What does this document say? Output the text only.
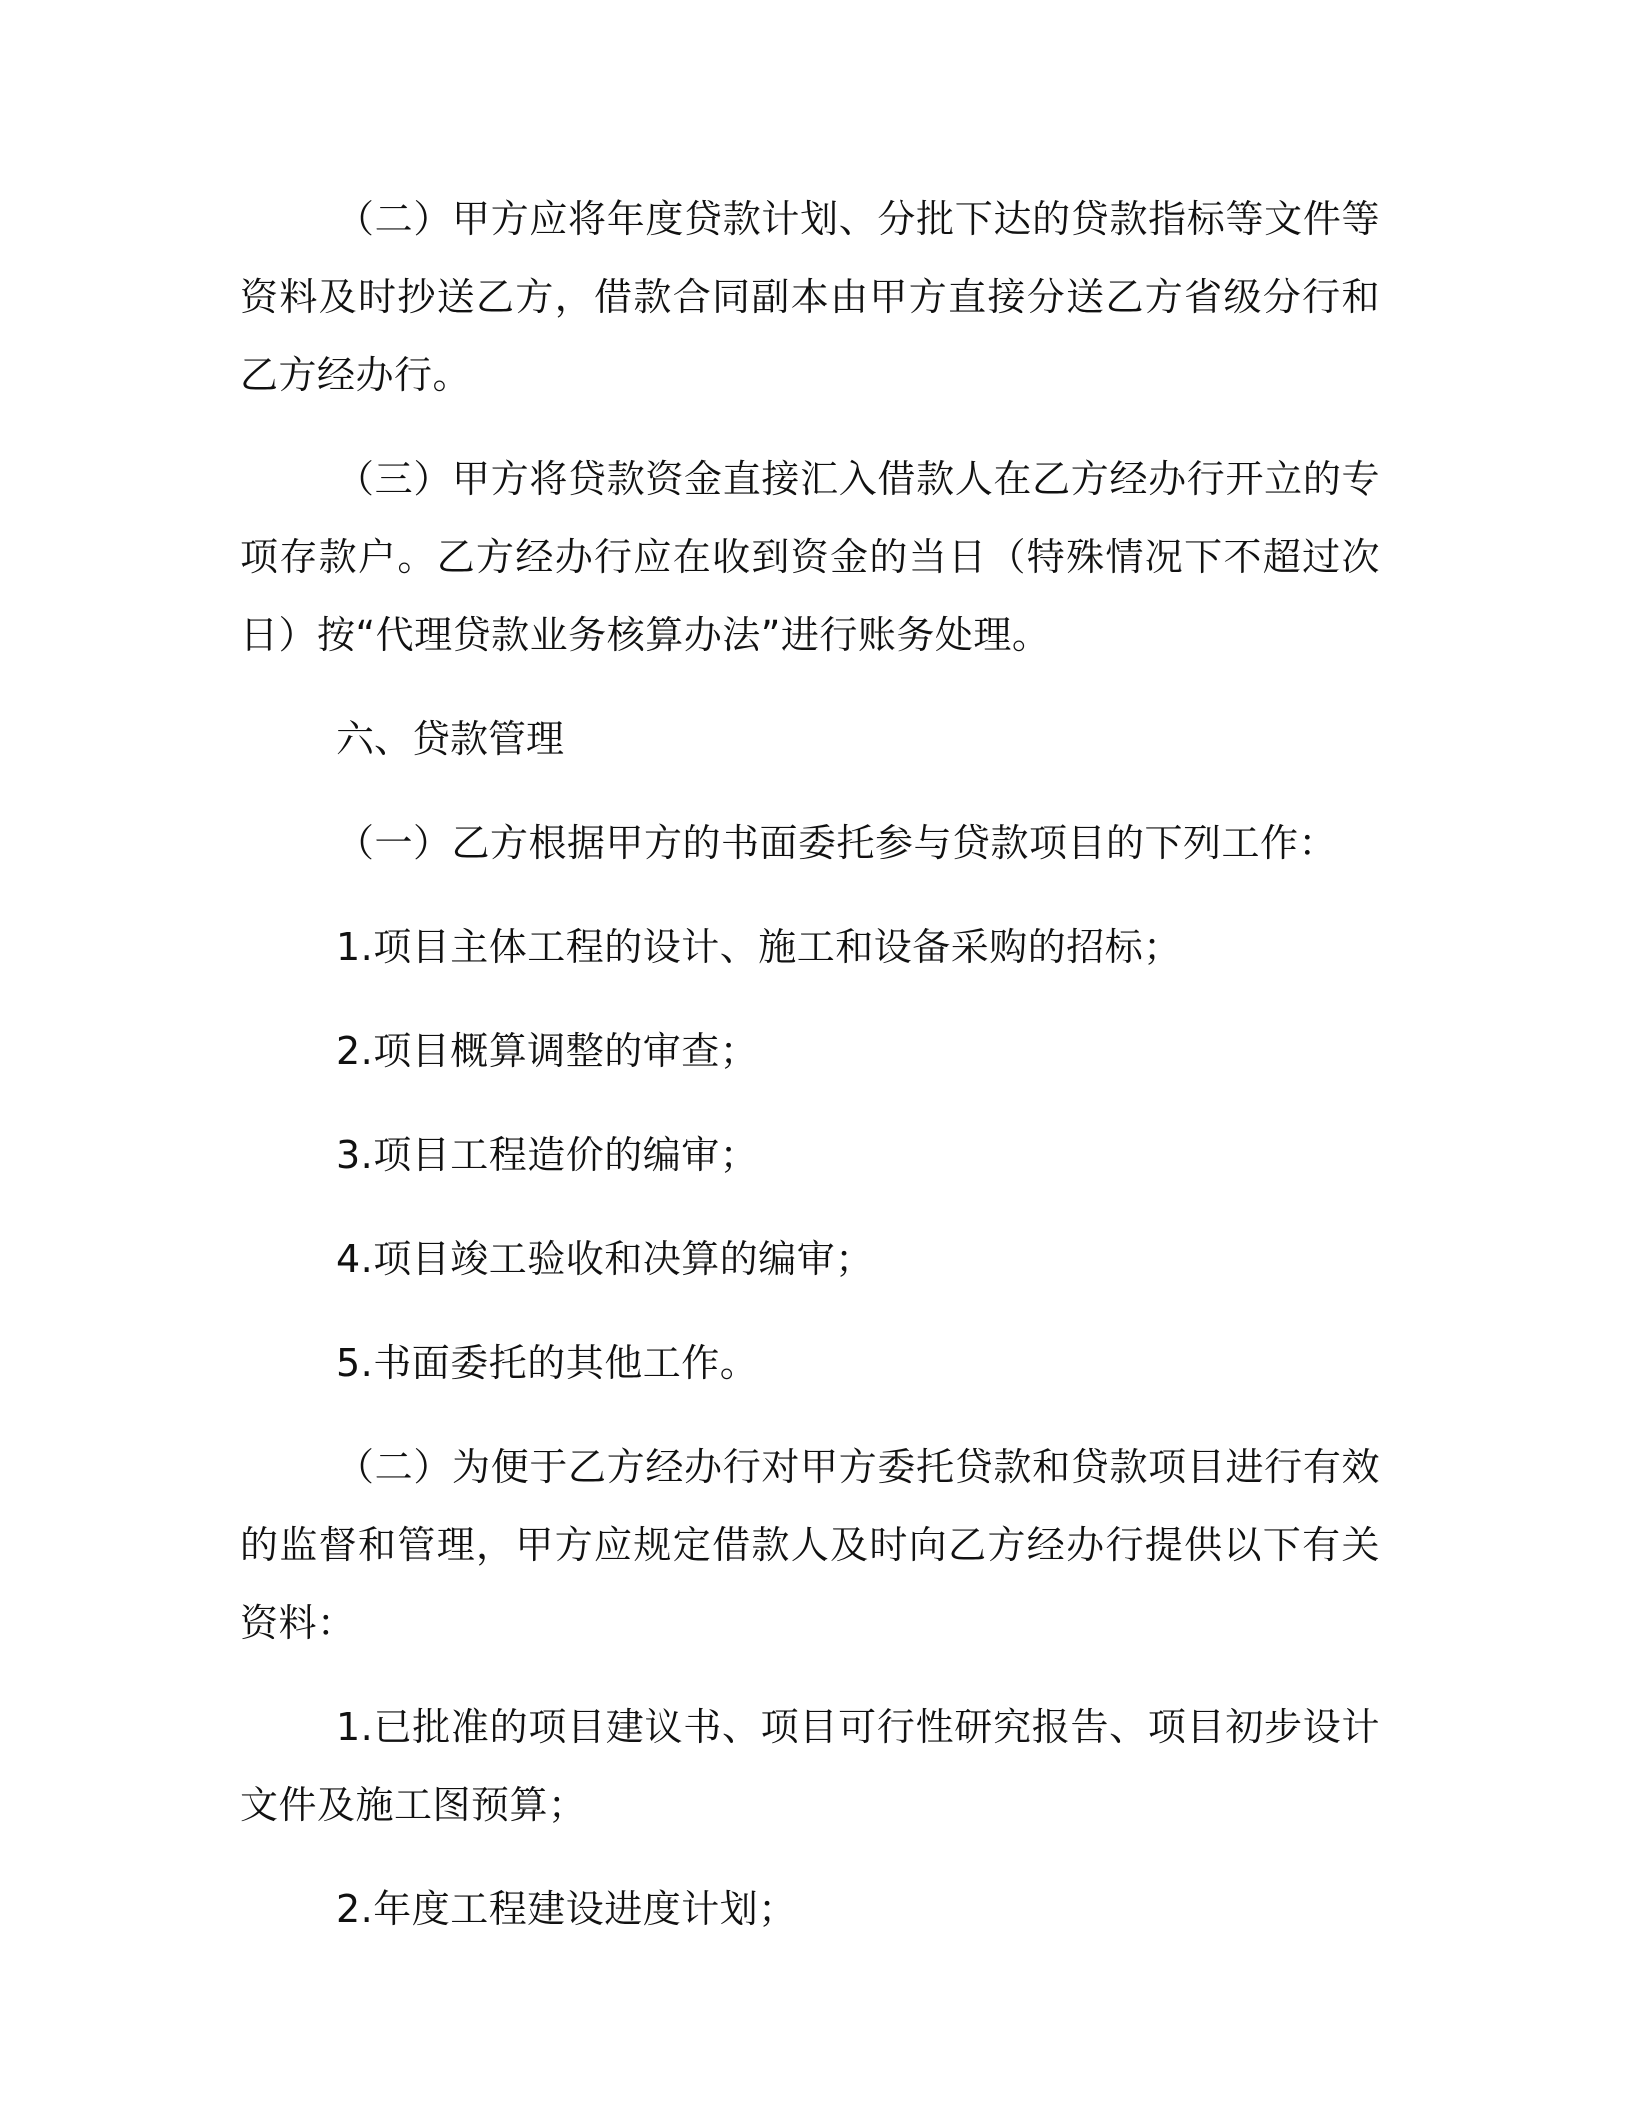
（二）甲方应将年度贷款计划、分批下达的贷款指标等文件等资料及时抄送乙方，借款合同副本由甲方直接分送乙方省级分行和乙方经办行。

（三）甲方将贷款资金直接汇入借款人在乙方经办行开立的专项存款户。乙方经办行应在收到资金的当日（特殊情况下不超过次日）按“代理贷款业务核算办法”进行账务处理。

六、贷款管理

（一）乙方根据甲方的书面委托参与贷款项目的下列工作：

1.项目主体工程的设计、施工和设备采购的招标；

2.项目概算调整的审查；

3.项目工程造价的编审；

4.项目竣工验收和决算的编审；

5.书面委托的其他工作。

（二）为便于乙方经办行对甲方委托贷款和贷款项目进行有效的监督和管理，甲方应规定借款人及时向乙方经办行提供以下有关资料：

1.已批准的项目建议书、项目可行性研究报告、项目初步设计文件及施工图预算；

2.年度工程建设进度计划；
